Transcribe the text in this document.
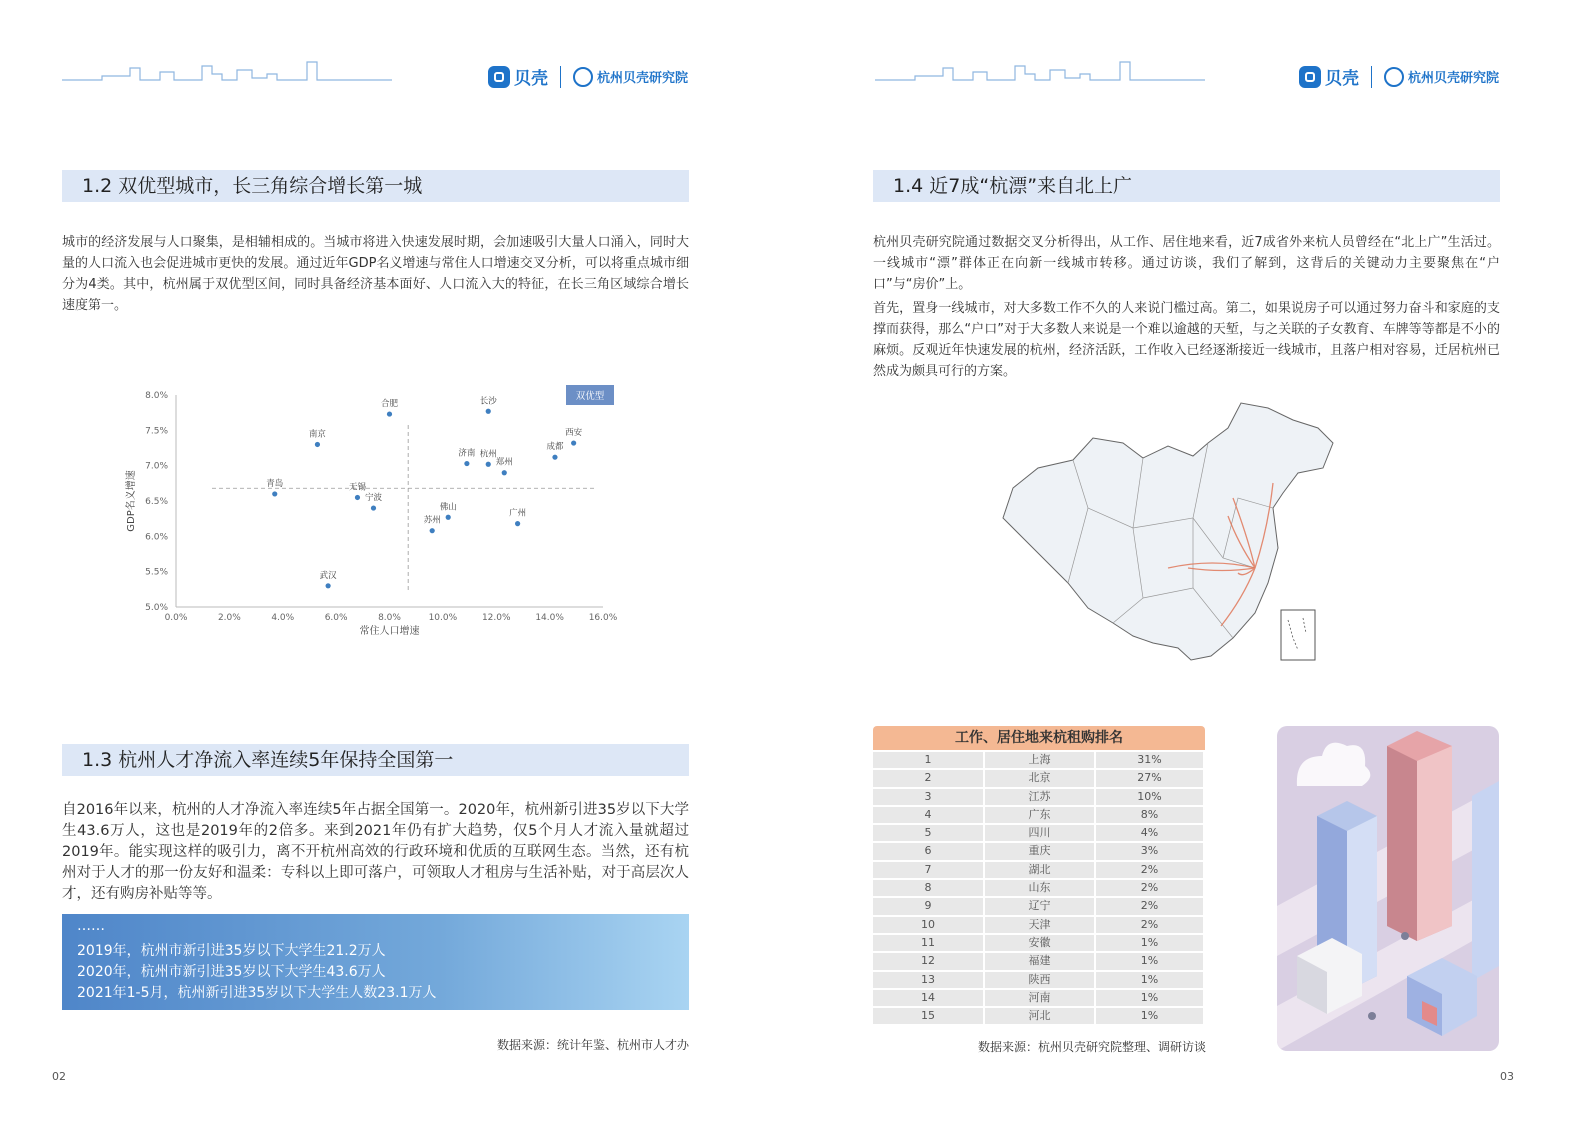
贝壳	杭州贝壳研究院
1.2 双优型城市，长三角综合增长第一城
城市的经济发展与人口聚集，是相辅相成的。当城市将进入快速发展时期，会加速吸引大量人口涌入，同时大量的人口流入也会促进城市更快的发展。通过近年GDP名义增速与常住人口增速交叉分析，可以将重点城市细分为4类。其中，杭州属于双优型区间，同时具备经济基本面好、人口流入大的特征，在长三角区域综合增长速度第一。
5.0%
5.5%
6.0%
6.5%
7.0%
7.5%
8.0%
0.0%	2.0%	4.0%	6.0%	8.0%	10.0%	12.0%	14.0%	16.0%
常住人口增速
GDP名义增速
双优型
合肥	长沙
南京	西安
成都
济南 杭州
郑州
青岛	无锡
宁波
佛山
苏州
广州
武汉
1.3 杭州人才净流入率连续5年保持全国第一
自2016年以来，杭州的人才净流入率连续5年占据全国第一。2020年，杭州新引进35岁以下大学生43.6万人，这也是2019年的2倍多。来到2021年仍有扩大趋势，仅5个月人才流入量就超过2019年。能实现这样的吸引力，离不开杭州高效的行政环境和优质的互联网生态。当然，还有杭州对于人才的那一份友好和温柔：专科以上即可落户，可领取人才租房与生活补贴，对于高层次人才，还有购房补贴等等。
……
2019年，杭州市新引进35岁以下大学生21.2万人
2020年，杭州市新引进35岁以下大学生43.6万人
2021年1-5月，杭州新引进35岁以下大学生人数23.1万人
数据来源：统计年鉴、杭州市人才办
02
贝壳	杭州贝壳研究院
1.4 近7成“杭漂”来自北上广
杭州贝壳研究院通过数据交叉分析得出，从工作、居住地来看，近7成省外来杭人员曾经在“北上广”生活过。一线城市“漂”群体正在向新一线城市转移。通过访谈，我们了解到，这背后的关键动力主要聚焦在“户口”与“房价”上。
首先，置身一线城市，对大多数工作不久的人来说门槛过高。第二，如果说房子可以通过努力奋斗和家庭的支撑而获得，那么“户口”对于大多数人来说是一个难以逾越的天堑，与之关联的子女教育、车牌等等都是不小的麻烦。反观近年快速发展的杭州，经济活跃，工作收入已经逐渐接近一线城市，且落户相对容易，迁居杭州已然成为颇具可行的方案。
工作、居住地来杭租购排名
1	上海	31%
2	北京	27%
3	江苏	10%
4	广东	8%
5	四川	4%
6	重庆	3%
7	湖北	2%
8	山东	2%
9	辽宁	2%
10	天津	2%
11	安徽	1%
12	福建	1%
13	陕西	1%
14	河南	1%
15	河北	1%
数据来源：杭州贝壳研究院整理、调研访谈
03
